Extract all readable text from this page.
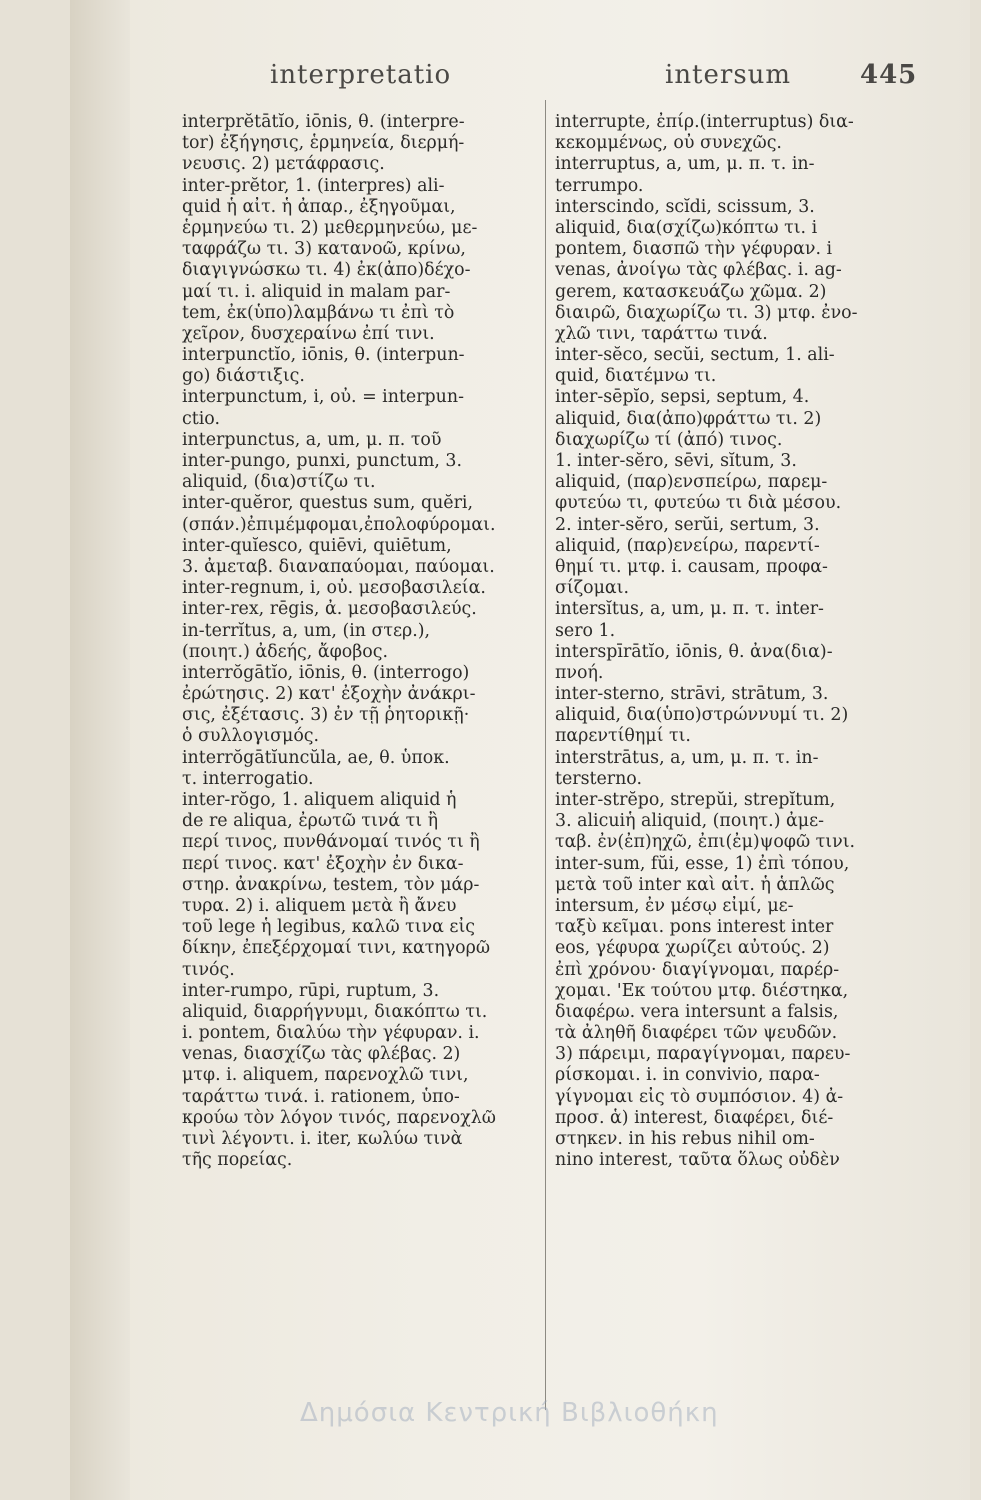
interpretatio	intersum	445
interprĕtātĭo, iōnis, θ. (interpre-
tor) ἐξήγησις, ἑρμηνεία, διερμή-
νευσις. 2) μετάφρασις.
inter-prĕtor, 1. (interpres) ali-
quid ἡ αἰτ. ἡ ἀπαρ., ἐξηγοῦμαι,
ἑρμηνεύω τι. 2) μεθερμηνεύω, με-
ταφράζω τι. 3) κατανοῶ, κρίνω,
διαγιγνώσκω τι. 4) ἐκ(ἀπο)δέχο-
μαί τι. i. aliquid in malam par-
tem, ἐκ(ὑπο)λαμβάνω τι ἐπὶ τὸ
χεῖρον, δυσχεραίνω ἐπί τινι.
interpunctĭo, iōnis, θ. (interpun-
go) διάστιξις.
interpunctum, i, οὐ. = interpun-
ctio.
interpunctus, a, um, μ. π. τοῦ
inter-pungo, punxi, punctum, 3.
aliquid, (δια)στίζω τι.
inter-quĕror, questus sum, quĕri,
(σπάν.)ἐπιμέμφομαι,ἐπολοφύρομαι.
inter-quĭesco, quiēvi, quiētum,
3. ἀμεταβ. διαναπαύομαι, παύομαι.
inter-regnum, i, οὐ. μεσοβασιλεία.
inter-rex, rēgis, ἀ. μεσοβασιλεύς.
in-terrĭtus, a, um, (in στερ.),
(ποιητ.) ἀδεής, ἄφοβος.
interrŏgātĭo, iōnis, θ. (interrogo)
ἐρώτησις. 2) κατ' ἐξοχὴν ἀνάκρι-
σις, ἐξέτασις. 3) ἐν τῇ ῥητορικῇ·
ὁ συλλογισμός.
interrŏgātĭuncŭla, ae, θ. ὑποκ.
τ. interrogatio.
inter-rŏgo, 1. aliquem aliquid ἡ
de re aliqua, ἐρωτῶ τινά τι ἢ
περί τινος, πυνθάνομαί τινός τι ἢ
περί τινος. κατ' ἐξοχὴν ἐν δικα-
στηρ. ἀνακρίνω, testem, τὸν μάρ-
τυρα. 2) i. aliquem μετὰ ἢ ἄνευ
τοῦ lege ἡ legibus, καλῶ τινα εἰς
δίκην, ἐπεξέρχομαί τινι, κατηγορῶ
τινός.
inter-rumpo, rūpi, ruptum, 3.
aliquid, διαρρήγνυμι, διακόπτω τι.
i. pontem, διαλύω τὴν γέφυραν. i.
venas, διασχίζω τὰς φλέβας. 2)
μτφ. i. aliquem, παρενοχλῶ τινι,
ταράττω τινά. i. rationem, ὑπο-
κρούω τὸν λόγον τινός, παρενοχλῶ
τινὶ λέγοντι. i. iter, κωλύω τινὰ
τῆς πορείας.
interrupte, ἐπίρ.(interruptus) δια-
κεκομμένως, οὐ συνεχῶς.
interruptus, a, um, μ. π. τ. in-
terrumpo.
interscindo, scĭdi, scissum, 3.
aliquid, δια(σχίζω)κόπτω τι. i
pontem, διασπῶ τὴν γέφυραν. i
venas, ἀνοίγω τὰς φλέβας. i. ag-
gerem, κατασκευάζω χῶμα. 2)
διαιρῶ, διαχωρίζω τι. 3) μτφ. ἐνο-
χλῶ τινι, ταράττω τινά.
inter-sĕco, secŭi, sectum, 1. ali-
quid, διατέμνω τι.
inter-sēpĭo, sepsi, septum, 4.
aliquid, δια(ἀπο)φράττω τι. 2)
διαχωρίζω τί (ἀπό) τινος.
1. inter-sĕro, sēvi, sĭtum, 3.
aliquid, (παρ)ενσπείρω, παρεμ-
φυτεύω τι, φυτεύω τι διὰ μέσου.
2. inter-sĕro, serŭi, sertum, 3.
aliquid, (παρ)ενείρω, παρεντί-
θημί τι. μτφ. i. causam, προφα-
σίζομαι.
intersĭtus, a, um, μ. π. τ. inter-
sero 1.
interspīrātĭo, iōnis, θ. ἀνα(δια)-
πνοή.
inter-sterno, strāvi, strātum, 3.
aliquid, δια(ὑπο)στρώννυμί τι. 2)
παρεντίθημί τι.
interstrātus, a, um, μ. π. τ. in-
tersterno.
inter-strĕpo, strepŭi, strepĭtum,
3. alicuiἡ aliquid, (ποιητ.) ἀμε-
ταβ. ἐν(ἐπ)ηχῶ, ἐπι(ἐμ)ψοφῶ τινι.
inter-sum, fŭi, esse, 1) ἐπὶ τόπου,
μετὰ τοῦ inter καὶ αἰτ. ἡ ἁπλῶς
intersum, ἐν μέσῳ εἰμί, με-
ταξὺ κεῖμαι. pons interest inter
eos, γέφυρα χωρίζει αὐτούς. 2)
ἐπὶ χρόνου· διαγίγνομαι, παρέρ-
χομαι. 'Εκ τούτου μτφ. διέστηκα,
διαφέρω. vera intersunt a falsis,
τὰ ἀληθῆ διαφέρει τῶν ψευδῶν.
3) πάρειμι, παραγίγνομαι, παρευ-
ρίσκομαι. i. in convivio, παρα-
γίγνομαι εἰς τὸ συμπόσιον. 4) ἀ-
προσ. ἁ) interest, διαφέρει, διέ-
στηκεν. in his rebus nihil om-
nino interest, ταῦτα ὅλως οὐδὲν
Δημόσια Κεντρική Βιβλιοθήκη
